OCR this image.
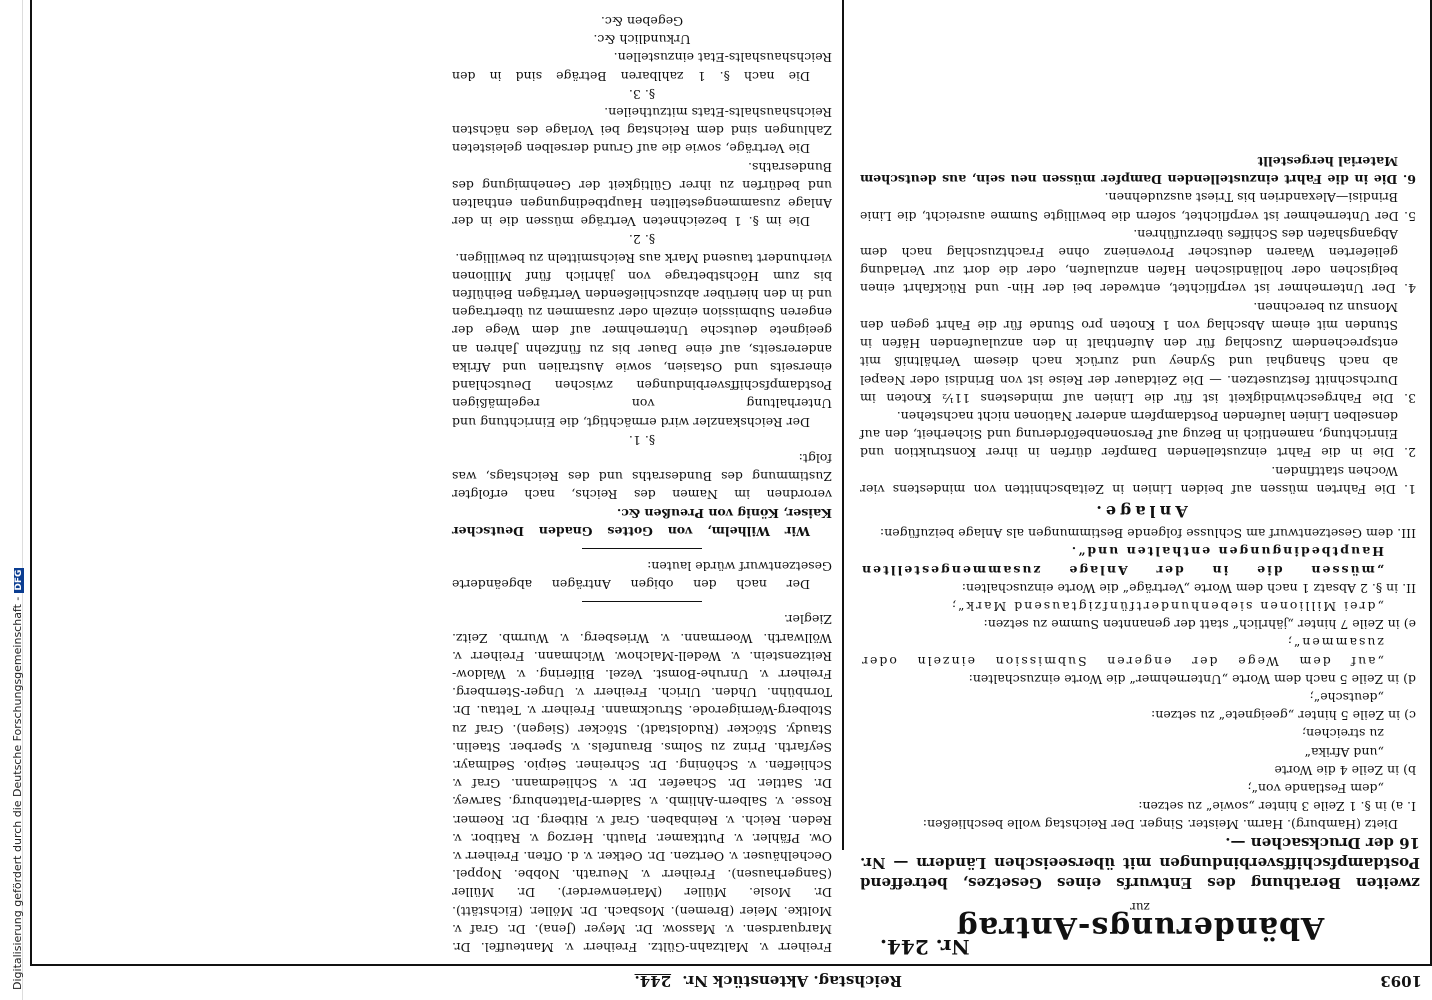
Digitalisierung gefördert durch die Deutsche Forschungsgemeinschaft -DFG
1093
Reichstag. Aktenstück Nr. 244.
Nr. 244.
Abänderungs-Antrag
zur

zweiten Berathung des Entwurfs eines Gesetzes, betreffend Postdampfschiffsverbindungen mit überseeischen Ländern — Nr. 16 der Drucksachen —.

Dietz (Hamburg). Harm. Meister. Singer. Der Reichstag wolle beschließen:

I. a) in §. 1 Zeile 3 hinter „sowie“ zu setzen:

„dem Festlande von“;

b) in Zeile 4 die Worte

„und Afrika“

zu streichen;

c) in Zeile 5 hinter „geeignete“ zu setzen:

„deutsche“;

d) in Zeile 5 nach dem Worte „Unternehmer“ die Worte einzuschalten:

„auf dem Wege der engeren Submission einzeln oder zusammen“;

e) in Zeile 7 hinter „jährlich“ statt der genannten Summe zu setzen:

„drei Millionen siebenhundertfünfzigtausend Mark“;

II. in §. 2 Absatz 1 nach dem Worte „Verträge“ die Worte einzuschalten:

„müssen die in der Anlage zusammengestellten Hauptbedingungen enthalten und“.

III. dem Gesetzentwurf am Schlusse folgende Bestimmungen als Anlage beizufügen:

Anlage.

1. Die Fahrten müssen auf beiden Linien in Zeitabschnitten von mindestens vier Wochen stattfinden.

2. Die in die Fahrt einzustellenden Dampfer dürfen in ihrer Konstruktion und Einrichtung, namentlich in Bezug auf Personenbeförderung und Sicherheit, den auf denselben Linien laufenden Postdampfern anderer Nationen nicht nachstehen.

3. Die Fahrgeschwindigkeit ist für die Linien auf mindestens 11½ Knoten im Durchschnitt festzusetzen. — Die Zeitdauer der Reise ist von Brindisi oder Neapel ab nach Shanghai und Sydney und zurück nach diesem Verhältniß mit entsprechendem Zuschlag für den Aufenthalt in den anzulaufenden Häfen in Stunden mit einem Abschlag von 1 Knoten pro Stunde für die Fahrt gegen den Monsun zu berechnen.

4. Der Unternehmer ist verpflichtet, entweder bei der Hin- und Rückfahrt einen belgischen oder holländischen Hafen anzulaufen, oder die dort zur Verladung gelieferten Waaren deutscher Provenienz ohne Frachtzuschlag nach dem Abgangshafen des Schiffes überzuführen.

5. Der Unternehmer ist verpflichtet, sofern die bewilligte Summe ausreicht, die Linie Brindisi—Alexandrien bis Triest auszudehnen.

6. Die in die Fahrt einzustellenden Dampfer müssen neu sein, aus deutschem Material hergestellt

Freiherr v. Maltzahn-Gültz. Freiherr v. Manteuffel. Dr. Marquardsen. v. Massow. Dr. Meyer (Jena). Dr. Graf v. Moltke. Meier (Bremen). Mosbach. Dr. Möller. (Eichstätt). Dr. Mosle. Müller (Marienwerder). Dr. Müller (Sangerhausen). Freiherr v. Neurath. Nobbe. Noppel. Oechelhäuser. v. Oertzen. Dr. Oetker. v. d. Often. Freiherr v. Ow. Pfähler. v. Puttkamer. Plauth. Herzog v. Ratibor. v. Reden. Reich. v. Reinbaben. Graf v. Ritberg. Dr. Roemer. Rosse. v. Salbern-Ahlimb. v. Saldern-Plattenburg. Sarwey. Dr. Sattler. Dr. Schaefer. Dr. v. Schliedmann. Graf v. Schlieffen. v. Schöning. Dr. Schreiner. Seipio. Sedlmayr. Seyfarth. Prinz zu Solms. Braunfels. v. Sperber. Staelin. Staudy. Stöcker (Rudolstadt). Stöcker (Siegen). Graf zu Stolberg-Wernigerode. Struckmann. Freiherr v. Tettau. Dr. Tornbühn. Uhden. Ulrich. Freiherr v. Unger-Sternberg. Freiherr v. Unruhe-Bomst. Vezel. Bilfering. v. Waldow-Reitzenstein. v. Wedell-Malchow. Wichmann. Freiherr v. Wöllwarth. Woermann. v. Wriesberg. v. Wurmb. Zeitz. Ziegler.

Der nach den obigen Anträgen abgeänderte Gesetzentwurf würde lauten:

Wir Wilhelm, von Gottes Gnaden Deutscher Kaiser, König von Preußen &c.

verordnen im Namen des Reichs, nach erfolgter Zustimmung des Bundesraths und des Reichstags, was folgt:

§. 1.

Der Reichskanzler wird ermächtigt, die Einrichtung und Unterhaltung von regelmäßigen Postdampfschiffsverbindungen zwischen Deutschland einerseits und Ostasien, sowie Australien und Afrika andererseits, auf eine Dauer bis zu fünfzehn Jahren an geeignete deutsche Unternehmer auf dem Wege der engeren Submission einzeln oder zusammen zu übertragen und in den hierüber abzuschließenden Verträgen Beihülfen bis zum Höchstbetrage von jährlich fünf Millionen vierhundert tausend Mark aus Reichsmitteln zu bewilligen.

§. 2.

Die im §. 1 bezeichneten Verträge müssen die in der Anlage zusammengestellten Hauptbedingungen enthalten und bedürfen zu ihrer Gültigkeit der Genehmigung des Bundesraths.

Die Verträge, sowie die auf Grund derselben geleisteten Zahlungen sind dem Reichstag bei Vorlage des nächsten Reichshaushalts-Etats mitzutheilen.

§. 3.

Die nach §. 1 zahlbaren Beträge sind in den Reichshaushalts-Etat einzustellen.

Urkundlich &c.

Gegeben &c.
